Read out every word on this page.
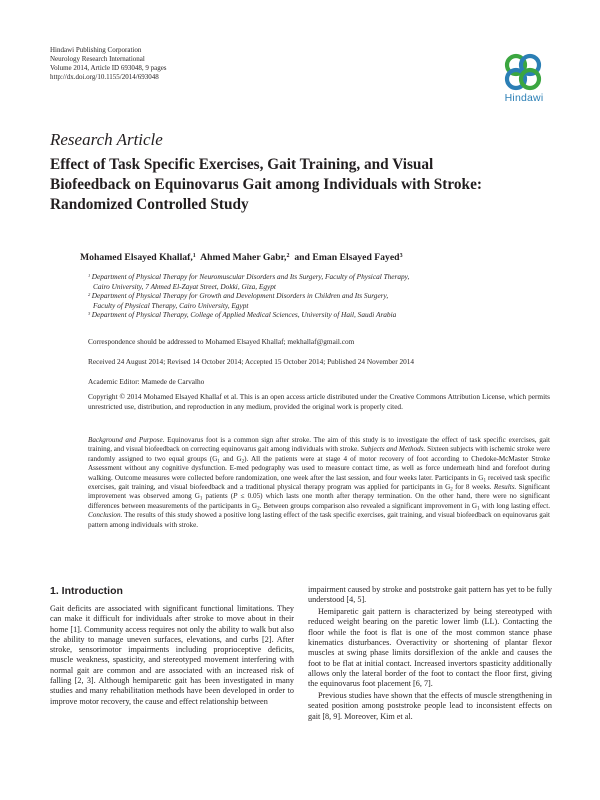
Hindawi Publishing Corporation
Neurology Research International
Volume 2014, Article ID 693048, 9 pages
http://dx.doi.org/10.1155/2014/693048
Hindawi
Research Article
Effect of Task Specific Exercises, Gait Training, and Visual Biofeedback on Equinovarus Gait among Individuals with Stroke: Randomized Controlled Study
Mohamed Elsayed Khallaf,$^1$ Ahmed Maher Gabr,$^2$ and Eman Elsayed Fayed$^3$
$^1$ Department of Physical Therapy for Neuromuscular Disorders and Its Surgery, Faculty of Physical Therapy,
Cairo University, 7 Ahmed El-Zayat Street, Dokki, Giza, Egypt
$^2$ Department of Physical Therapy for Growth and Development Disorders in Children and Its Surgery,
Faculty of Physical Therapy, Cairo University, Egypt
$^3$ Department of Physical Therapy, College of Applied Medical Sciences, University of Hail, Saudi Arabia
Correspondence should be addressed to Mohamed Elsayed Khallaf; mekhallaf@gmail.com
Received 24 August 2014; Revised 14 October 2014; Accepted 15 October 2014; Published 24 November 2014
Academic Editor: Mamede de Carvalho
Copyright © 2014 Mohamed Elsayed Khallaf et al. This is an open access article distributed under the Creative Commons Attribution License, which permits unrestricted use, distribution, and reproduction in any medium, provided the original work is properly cited.
Background and Purpose. Equinovarus foot is a common sign after stroke. The aim of this study is to investigate the effect of task specific exercises, gait training, and visual biofeedback on correcting equinovarus gait among individuals with stroke. Subjects and Methods. Sixteen subjects with ischemic stroke were randomly assigned to two equal groups ($G_1$ and $G_2$). All the patients were at stage 4 of motor recovery of foot according to Chedoke-McMaster Stroke Assessment without any cognitive dysfunction. E-med pedography was used to measure contact time, as well as force underneath hind and forefoot during walking. Outcome measures were collected before randomization, one week after the last session, and four weeks later. Participants in $G_1$ received task specific exercises, gait training, and visual biofeedback and a traditional physical therapy program was applied for participants in $G_2$ for 8 weeks. Results. Significant improvement was observed among $G_1$ patients (P ≤ 0.05) which lasts one month after therapy termination. On the other hand, there were no significant differences between measurements of the participants in $G_2$. Between groups comparison also revealed a significant improvement in $G_1$ with long lasting effect. Conclusion. The results of this study showed a positive long lasting effect of the task specific exercises, gait training, and visual biofeedback on equinovarus gait pattern among individuals with stroke.
1. Introduction

Gait deficits are associated with significant functional limitations. They can make it difficult for individuals after stroke to move about in their home [1]. Community access requires not only the ability to walk but also the ability to manage uneven surfaces, elevations, and curbs [2]. After stroke, sensorimotor impairments including proprioceptive deficits, muscle weakness, spasticity, and stereotyped movement interfering with normal gait are common and are associated with an increased risk of falling [2, 3]. Although hemiparetic gait has been investigated in many studies and many rehabilitation methods have been developed in order to improve motor recovery, the cause and effect relationship between

impairment caused by stroke and poststroke gait pattern has yet to be fully understood [4, 5].

Hemiparetic gait pattern is characterized by being stereotyped with reduced weight bearing on the paretic lower limb (LL). Contacting the floor while the foot is flat is one of the most common stance phase kinematics disturbances. Overactivity or shortening of plantar flexor muscles at swing phase limits dorsiflexion of the ankle and causes the foot to be flat at initial contact. Increased invertors spasticity additionally allows only the lateral border of the foot to contact the floor first, giving the equinovarus foot placement [6, 7].

Previous studies have shown that the effects of muscle strengthening in seated position among poststroke people lead to inconsistent effects on gait [8, 9]. Moreover, Kim et al.
